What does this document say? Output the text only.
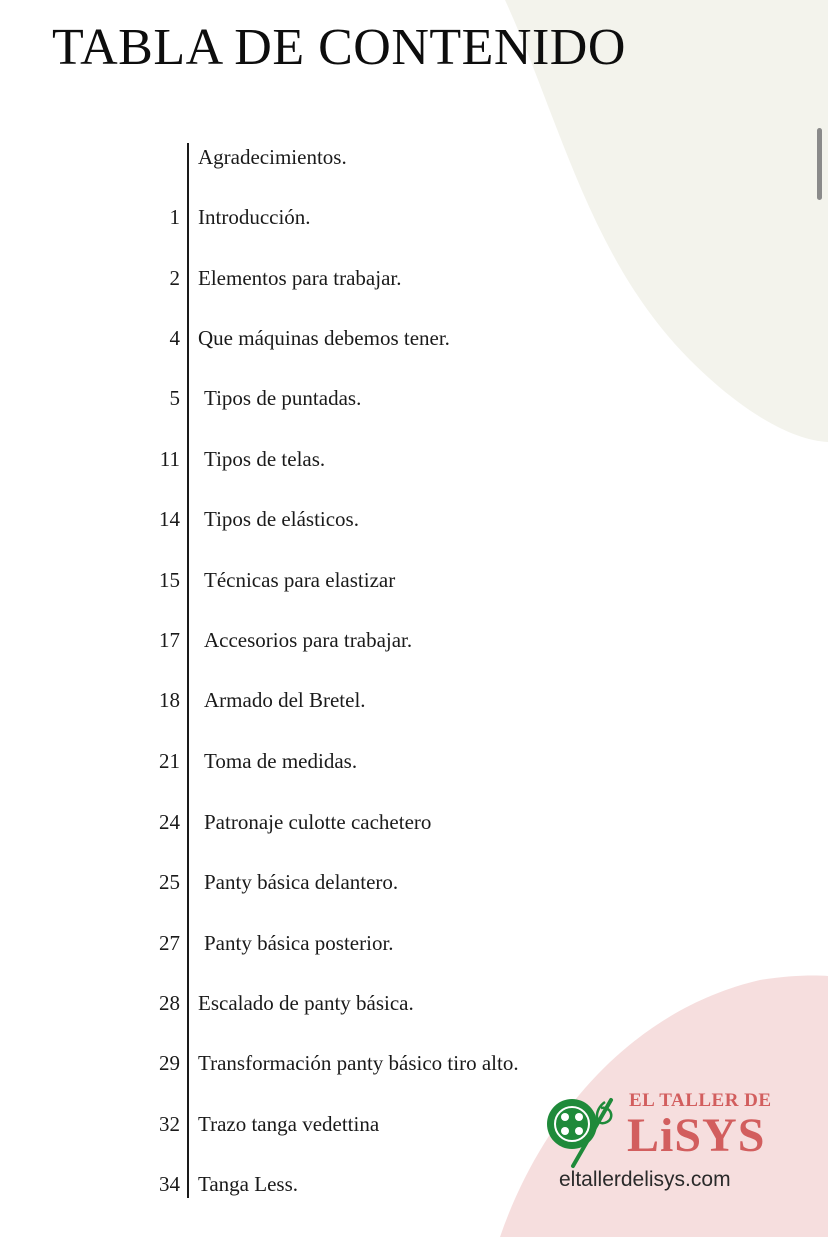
TABLA DE CONTENIDO
Agradecimientos.
1 Introducción.
2 Elementos para trabajar.
4 Que máquinas debemos tener.
5 Tipos de puntadas.
11 Tipos de telas.
14 Tipos de elásticos.
15 Técnicas para elastizar
17 Accesorios para trabajar.
18 Armado del Bretel.
21 Toma de medidas.
24 Patronaje culotte cachetero
25 Panty básica delantero.
27 Panty básica posterior.
28 Escalado de panty básica.
29 Transformación panty básico tiro alto.
32 Trazo tanga vedettina
34 Tanga Less.
EL TALLER DE
LiSYS
eltallerdelisys.com
